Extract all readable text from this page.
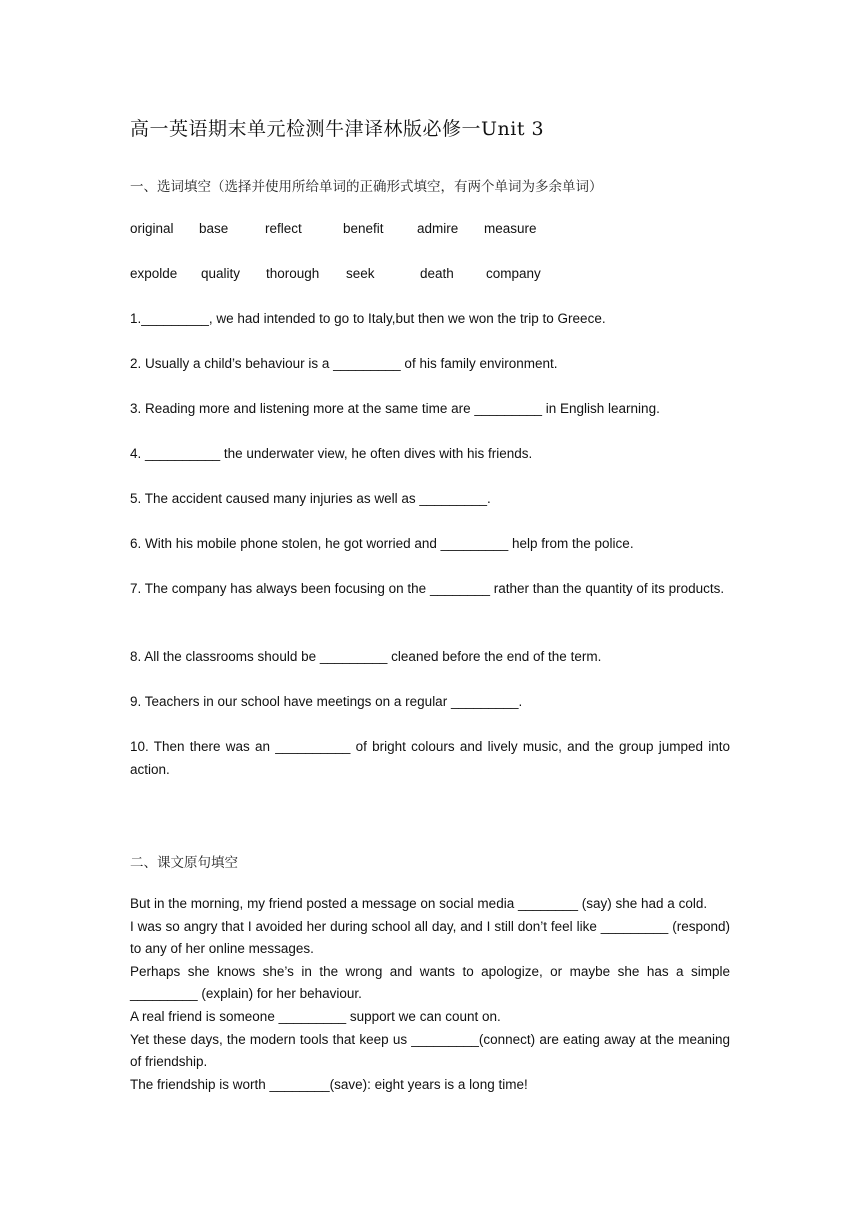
高一英语期末单元检测牛津译林版必修一Unit 3
一、选词填空（选择并使用所给单词的正确形式填空，有两个单词为多余单词）
original base	reflect	benefit admire measure
expolde quality thorough seek	death company
1._________, we had intended to go to Italy,but then we won the trip to Greece.
2. Usually a child’s behaviour is a _________ of his family environment.
3. Reading more and listening more at the same time are _________ in English learning.
4. __________ the underwater view, he often dives with his friends.
5. The accident caused many injuries as well as _________.
6. With his mobile phone stolen, he got worried and _________ help from the police.
7. The company has always been focusing on the ________ rather than the quantity of its products.
8. All the classrooms should be _________ cleaned before the end of the term.
9. Teachers in our school have meetings on a regular _________.
10. Then there was an __________ of bright colours and lively music, and the group jumped into action.
二、课文原句填空
But in the morning, my friend posted a message on social media ________ (say) she had a cold.
I was so angry that I avoided her during school all day, and I still don’t feel like _________ (respond) to any of her online messages.
Perhaps she knows she’s in the wrong and wants to apologize, or maybe she has a simple _________ (explain) for her behaviour.
A real friend is someone _________ support we can count on.
Yet these days, the modern tools that keep us _________(connect) are eating away at the meaning of friendship.
The friendship is worth ________(save): eight years is a long time!
